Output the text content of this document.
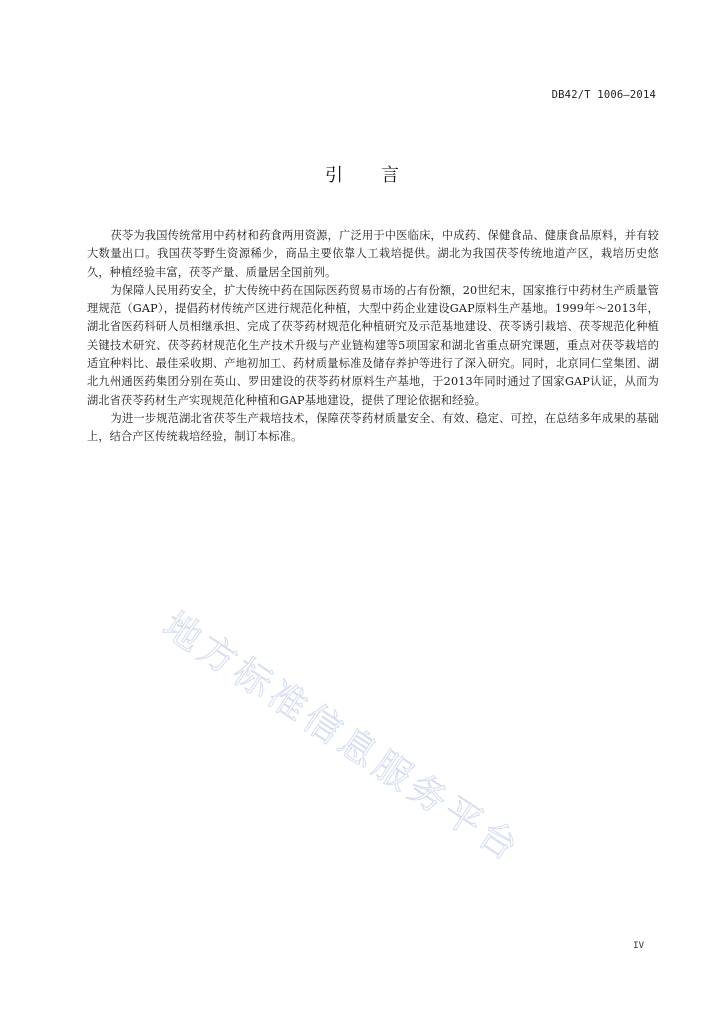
DB42/T 1006—2014
引言

茯苓为我国传统常用中药材和药食两用资源，广泛用于中医临床，中成药、保健食品、健康食品原料，并有较大数量出口。我国茯苓野生资源稀少，商品主要依靠人工栽培提供。湖北为我国茯苓传统地道产区，栽培历史悠久，种植经验丰富，茯苓产量、质量居全国前列。

为保障人民用药安全，扩大传统中药在国际医药贸易市场的占有份额，20世纪末，国家推行中药材生产质量管理规范（GAP），提倡药材传统产区进行规范化种植，大型中药企业建设GAP原料生产基地。1999年～2013年，湖北省医药科研人员相继承担、完成了茯苓药材规范化种植研究及示范基地建设、茯苓诱引栽培、茯苓规范化种植关键技术研究、茯苓药材规范化生产技术升级与产业链构建等5项国家和湖北省重点研究课题，重点对茯苓栽培的适宜种料比、最佳采收期、产地初加工、药材质量标准及储存养护等进行了深入研究。同时，北京同仁堂集团、湖北九州通医药集团分别在英山、罗田建设的茯苓药材原料生产基地，于2013年同时通过了国家GAP认证，从而为湖北省茯苓药材生产实现规范化种植和GAP基地建设，提供了理论依据和经验。

为进一步规范湖北省茯苓生产栽培技术，保障茯苓药材质量安全、有效、稳定、可控，在总结多年成果的基础上，结合产区传统栽培经验，制订本标准。

地方标准信息服务平台
IV
